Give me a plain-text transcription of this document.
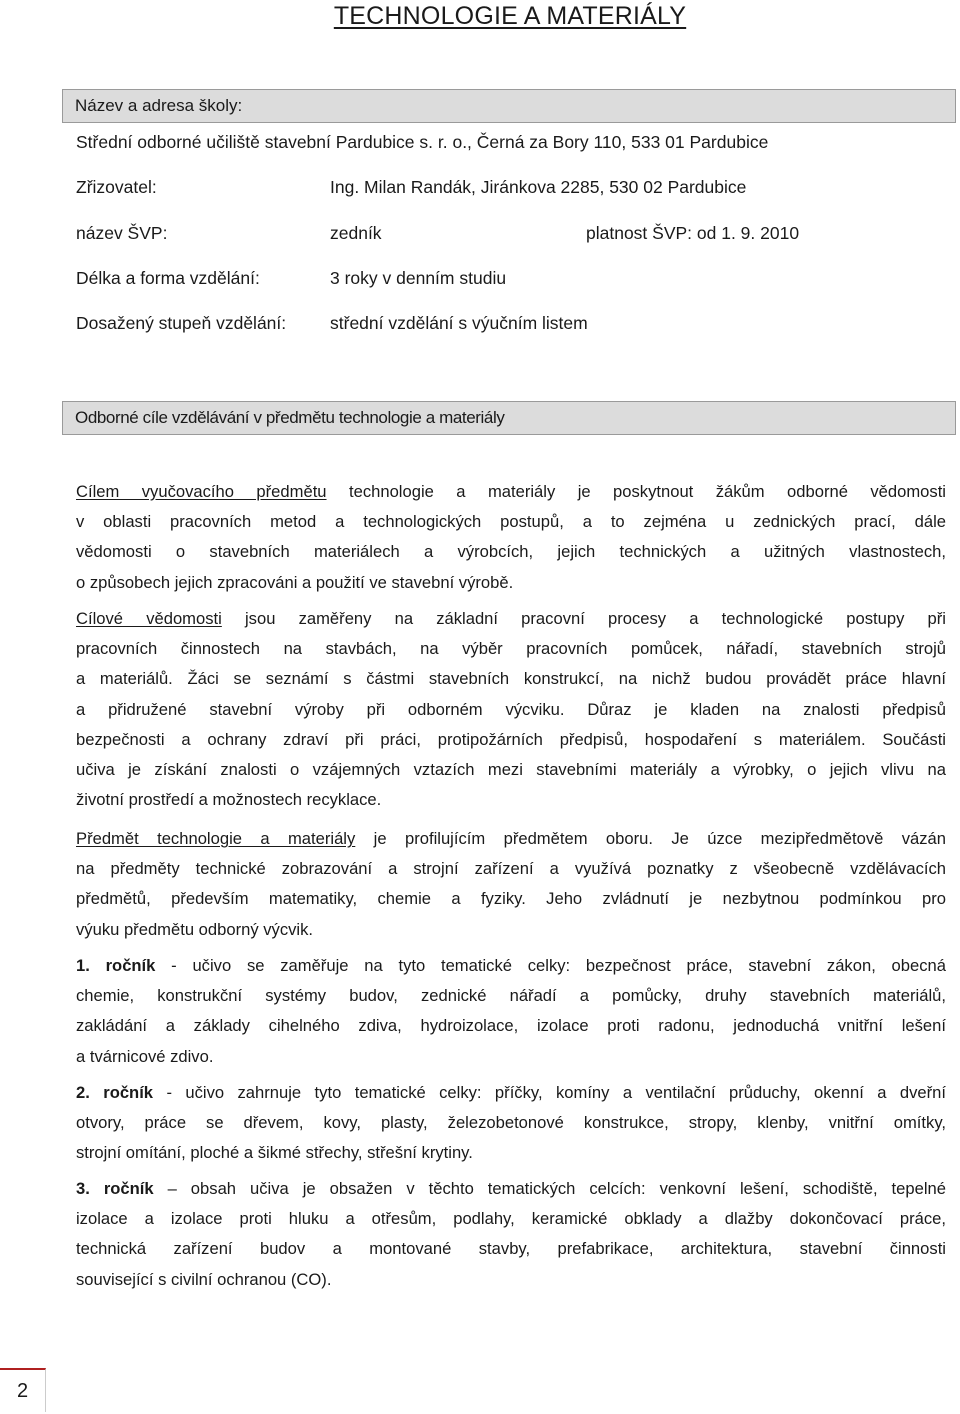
TECHNOLOGIE A MATERIÁLY
Název a adresa školy:
Střední odborné učiliště stavební Pardubice s. r. o., Černá za Bory 110, 533 01 Pardubice
Zřizovatel:	Ing. Milan Randák, Jiránkova 2285, 530 02 Pardubice
název ŠVP:	zedník	platnost ŠVP: od 1. 9. 2010
Délka a forma vzdělání:	3 roky v denním studiu
Dosažený stupeň vzdělání:	střední vzdělání s výučním listem
Odborné cíle vzdělávání v předmětu technologie a materiály
Cílem vyučovacího předmětu technologie a materiály je poskytnout žákům odborné vědomosti
v oblasti pracovních metod a technologických postupů, a to zejména u zednických prací, dále
vědomosti o stavebních materiálech a výrobcích, jejich technických a užitných vlastnostech,
o způsobech jejich zpracováni a použití ve stavební výrobě.
Cílové vědomosti jsou zaměřeny na základní pracovní procesy a technologické postupy při
pracovních činnostech na stavbách, na výběr pracovních pomůcek, nářadí, stavebních strojů
a materiálů. Žáci se seznámí s částmi stavebních konstrukcí, na nichž budou provádět práce hlavní
a přidružené stavební výroby při odborném výcviku. Důraz je kladen na znalosti předpisů
bezpečnosti a ochrany zdraví při práci, protipožárních předpisů, hospodaření s materiálem. Součásti
učiva je získání znalosti o vzájemných vztazích mezi stavebními materiály a výrobky, o jejich vlivu na
životní prostředí a možnostech recyklace.
Předmět technologie a materiály je profilujícím předmětem oboru. Je úzce mezipředmětově vázán
na předměty technické zobrazování a strojní zařízení a využívá poznatky z všeobecně vzdělávacích
předmětů, především matematiky, chemie a fyziky. Jeho zvládnutí je nezbytnou podmínkou pro
výuku předmětu odborný výcvik.
1. ročník - učivo se zaměřuje na tyto tematické celky: bezpečnost práce, stavební zákon, obecná
chemie, konstrukční systémy budov, zednické nářadí a pomůcky, druhy stavebních materiálů,
zakládání a základy cihelného zdiva, hydroizolace, izolace proti radonu, jednoduchá vnitřní lešení
a tvárnicové zdivo.
2. ročník - učivo zahrnuje tyto tematické celky: příčky, komíny a ventilační průduchy, okenní a dveřní
otvory, práce se dřevem, kovy, plasty, železobetonové konstrukce, stropy, klenby, vnitřní omítky,
strojní omítání, ploché a šikmé střechy, střešní krytiny.
3. ročník – obsah učiva je obsažen v těchto tematických celcích: venkovní lešení, schodiště, tepelné
izolace a izolace proti hluku a otřesům, podlahy, keramické obklady a dlažby dokončovací práce,
technická zařízení budov a montované stavby, prefabrikace, architektura, stavební činnosti
související s civilní ochranou (CO).
2
